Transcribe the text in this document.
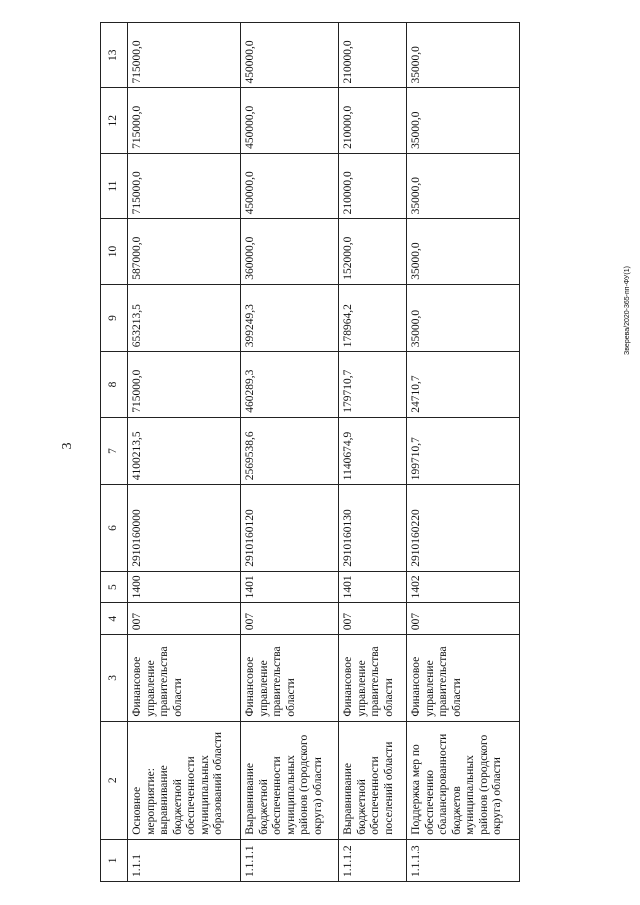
3
Зверева/2020-365-пп-ФУ(1)
1	2	3	4	5	6	7	8	9	10	11	12	13
1.1.1	Основное мероприятие: выравнивание бюджетной обеспеченности муниципальных образований области	Финансовое управление правительства области	007	1400	2910160000	4100213,5	715000,0	653213,5	587000,0	715000,0	715000,0	715000,0
1.1.1.1	Выравнивание бюджетной обеспеченности муниципальных районов (городского округа) области	Финансовое управление правительства области	007	1401	2910160120	2569538,6	460289,3	399249,3	360000,0	450000,0	450000,0	450000,0
1.1.1.2	Выравнивание бюджетной обеспеченности поселений области	Финансовое управление правительства области	007	1401	2910160130	1140674,9	179710,7	178964,2	152000,0	210000,0	210000,0	210000,0
1.1.1.3	Поддержка мер по обеспечению сбалансированности бюджетов муниципальных районов (городского округа) области	Финансовое управление правительства области	007	1402	2910160220	199710,7	24710,7	35000,0	35000,0	35000,0	35000,0	35000,0
